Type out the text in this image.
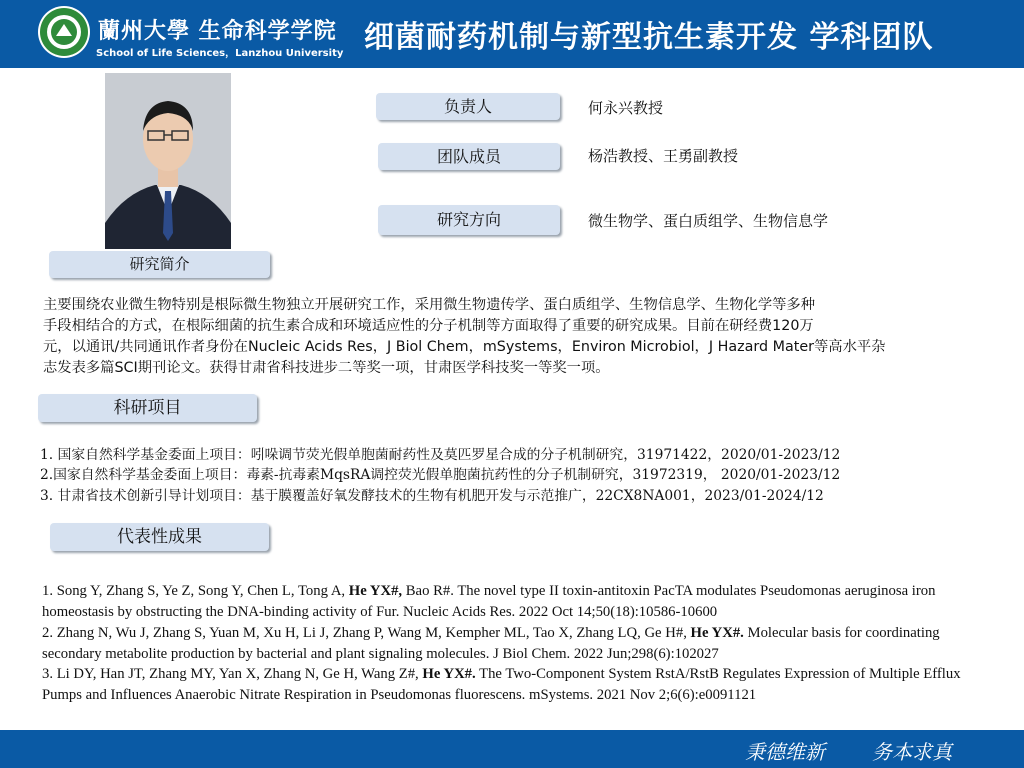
蘭州大學 生命科学学院
School of Life Sciences，Lanzhou University 细菌耐药机制与新型抗生素开发 学科团队
负责人	何永兴教授
团队成员	杨浩教授、王勇副教授
研究方向	微生物学、蛋白质组学、生物信息学
研究简介

主要围绕农业微生物特别是根际微生物独立开展研究工作，采用微生物遗传学、蛋白质组学、生物信息学、生物化学等多种

手段相结合的方式，在根际细菌的抗生素合成和环境适应性的分子机制等方面取得了重要的研究成果。目前在研经费120万

元，以通讯/共同通讯作者身份在Nucleic Acids Res，J Biol Chem，mSystems，Environ Microbiol，J Hazard Mater等高水平杂

志发表多篇SCI期刊论文。获得甘肃省科技进步二等奖一项，甘肃医学科技奖一等奖一项。

科研项目
1. 国家自然科学基金委面上项目：吲哚调节荧光假单胞菌耐药性及莫匹罗星合成的分子机制研究，31971422，2020/01-2023/12
2.国家自然科学基金委面上项目：毒素-抗毒素MqsRA调控荧光假单胞菌抗药性的分子机制研究，31972319， 2020/01-2023/12
3. 甘肃省技术创新引导计划项目：基于膜覆盖好氧发酵技术的生物有机肥开发与示范推广，22CX8NA001，2023/01-2024/12
代表性成果
1. Song Y, Zhang S, Ye Z, Song Y, Chen L, Tong A, He YX#, Bao R#. The novel type II toxin-antitoxin PacTA modulates Pseudomonas aeruginosa iron homeostasis by obstructing the DNA-binding activity of Fur. Nucleic Acids Res. 2022 Oct 14;50(18):10586-10600
2. Zhang N, Wu J, Zhang S, Yuan M, Xu H, Li J, Zhang P, Wang M, Kempher ML, Tao X, Zhang LQ, Ge H#, He YX#. Molecular basis for coordinating secondary metabolite production by bacterial and plant signaling molecules. J Biol Chem. 2022 Jun;298(6):102027
3. Li DY, Han JT, Zhang MY, Yan X, Zhang N, Ge H, Wang Z#, He YX#. The Two-Component System RstA/RstB Regulates Expression of Multiple Efflux Pumps and Influences Anaerobic Nitrate Respiration in Pseudomonas fluorescens. mSystems. 2021 Nov 2;6(6):e0091121
秉德维新 务本求真
